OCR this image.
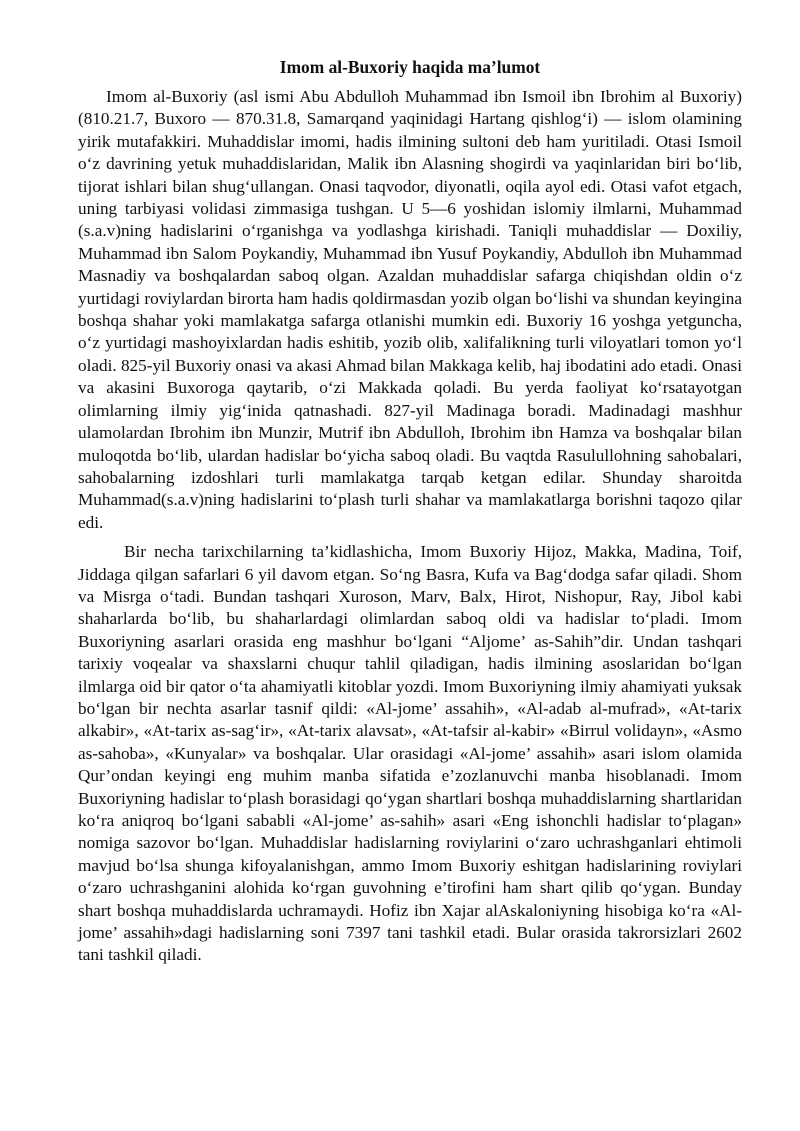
Imom al-Buxoriy haqida ma’lumot

Imom al-Buxoriy (asl ismi Abu Abdulloh Muhammad ibn Ismoil ibn Ibrohim al Buxoriy) (810.21.7, Buxoro — 870.31.8, Samarqand yaqinidagi Hartang qishlog‘i) — islom olamining yirik mutafakkiri. Muhaddislar imomi, hadis ilmining sultoni deb ham yuritiladi. Otasi Ismoil o‘z davrining yetuk muhaddislaridan, Malik ibn Alasning shogirdi va yaqinlaridan biri bo‘lib, tijorat ishlari bilan shug‘ullangan. Onasi taqvodor, diyonatli, oqila ayol edi. Otasi vafot etgach, uning tarbiyasi volidasi zimmasiga tushgan. U 5—6 yoshidan islomiy ilmlarni, Muhammad (s.a.v)ning hadislarini o‘rganishga va yodlashga kirishadi. Taniqli muhaddislar — Doxiliy, Muhammad ibn Salom Poykandiy, Muhammad ibn Yusuf Poykandiy, Abdulloh ibn Muhammad Masnadiy va boshqalardan saboq olgan. Azaldan muhaddislar safarga chiqishdan oldin o‘z yurtidagi roviylardan birorta ham hadis qoldirmasdan yozib olgan bo‘lishi va shundan keyingina boshqa shahar yoki mamlakatga safarga otlanishi mumkin edi. Buxoriy 16 yoshga yetguncha, o‘z yurtidagi mashoyixlardan hadis eshitib, yozib olib, xalifalikning turli viloyatlari tomon yo‘l oladi. 825-yil Buxoriy onasi va akasi Ahmad bilan Makkaga kelib, haj ibodatini ado etadi. Onasi va akasini Buxoroga qaytarib, o‘zi Makkada qoladi. Bu yerda faoliyat ko‘rsatayotgan olimlarning ilmiy yig‘inida qatnashadi. 827-yil Madinaga boradi. Madinadagi mashhur ulamolardan Ibrohim ibn Munzir, Mutrif ibn Abdulloh, Ibrohim ibn Hamza va boshqalar bilan muloqotda bo‘lib, ulardan hadislar bo‘yicha saboq oladi. Bu vaqtda Rasulullohning sahobalari, sahobalarning izdoshlari turli mamlakatga tarqab ketgan edilar. Shunday sharoitda Muhammad(s.a.v)ning hadislarini to‘plash turli shahar va mamlakatlarga borishni taqozo qilar edi.

Bir necha tarixchilarning ta’kidlashicha, Imom Buxoriy Hijoz, Makka, Madina, Toif, Jiddaga qilgan safarlari 6 yil davom etgan. So‘ng Basra, Kufa va Bag‘dodga safar qiladi. Shom va Misrga o‘tadi. Bundan tashqari Xuroson, Marv, Balx, Hirot, Nishopur, Ray, Jibol kabi shaharlarda bo‘lib, bu shaharlardagi olimlardan saboq oldi va hadislar to‘pladi. Imom Buxoriyning asarlari orasida eng mashhur bo‘lgani “Aljome’ as-Sahih”dir. Undan tashqari tarixiy voqealar va shaxslarni chuqur tahlil qiladigan, hadis ilmining asoslaridan bo‘lgan ilmlarga oid bir qator o‘ta ahamiyatli kitoblar yozdi. Imom Buxoriyning ilmiy ahamiyati yuksak bo‘lgan bir nechta asarlar tasnif qildi: «Al-jome’ assahih», «Al-adab al-mufrad», «At-tarix alkabir», «At-tarix as-sag‘ir», «At-tarix alavsat», «At-tafsir al-kabir» «Birrul volidayn», «Asmo as-sahoba», «Kunyalar» va boshqalar. Ular orasidagi «Al-jome’ assahih» asari islom olamida Qur’ondan keyingi eng muhim manba sifatida e’zozlanuvchi manba hisoblanadi. Imom Buxoriyning hadislar to‘plash borasidagi qo‘ygan shartlari boshqa muhaddislarning shartlaridan ko‘ra aniqroq bo‘lgani sababli «Al-jome’ as-sahih» asari «Eng ishonchli hadislar to‘plagan» nomiga sazovor bo‘lgan. Muhaddislar hadislarning roviylarini o‘zaro uchrashganlari ehtimoli mavjud bo‘lsa shunga kifoyalanishgan, ammo Imom Buxoriy eshitgan hadislarining roviylari o‘zaro uchrashganini alohida ko‘rgan guvohning e’tirofini ham shart qilib qo‘ygan. Bunday shart boshqa muhaddislarda uchramaydi. Hofiz ibn Xajar alAskaloniyning hisobiga ko‘ra «Al-jome’ assahih»dagi hadislarning soni 7397 tani tashkil etadi. Bular orasida takrorsizlari 2602 tani tashkil qiladi.
